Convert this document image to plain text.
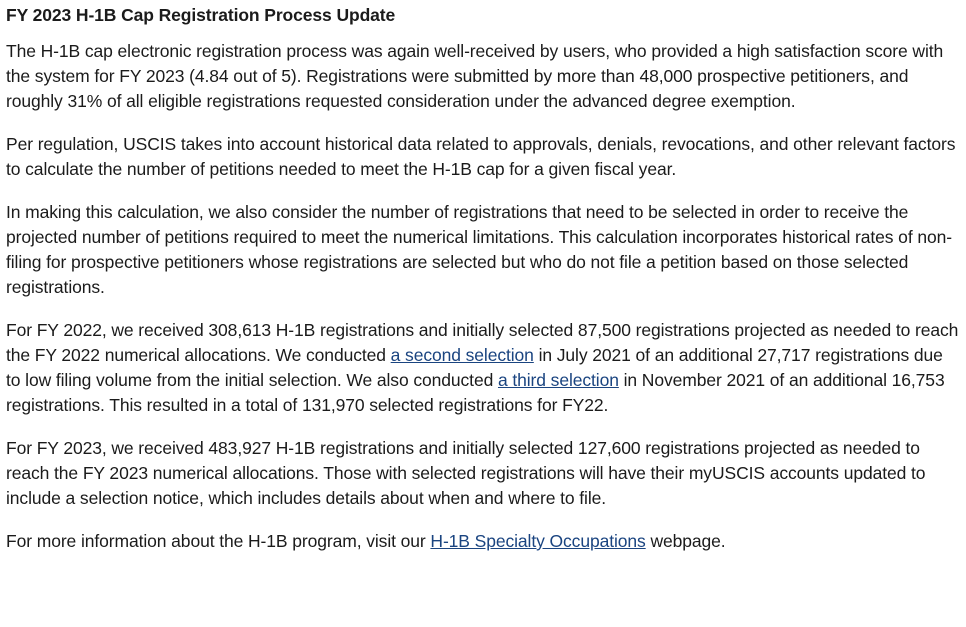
FY 2023 H-1B Cap Registration Process Update

The H-1B cap electronic registration process was again well-received by users, who provided a high satisfaction score with the system for FY 2023 (4.84 out of 5). Registrations were submitted by more than 48,000 prospective petitioners, and roughly 31% of all eligible registrations requested consideration under the advanced degree exemption.

Per regulation, USCIS takes into account historical data related to approvals, denials, revocations, and other relevant factors to calculate the number of petitions needed to meet the H-1B cap for a given fiscal year.

In making this calculation, we also consider the number of registrations that need to be selected in order to receive the projected number of petitions required to meet the numerical limitations. This calculation incorporates historical rates of non-filing for prospective petitioners whose registrations are selected but who do not file a petition based on those selected registrations.

For FY 2022, we received 308,613 H-1B registrations and initially selected 87,500 registrations projected as needed to reach the FY 2022 numerical allocations. We conducted a second selection in July 2021 of an additional 27,717 registrations due to low filing volume from the initial selection. We also conducted a third selection in November 2021 of an additional 16,753 registrations. This resulted in a total of 131,970 selected registrations for FY22.

For FY 2023, we received 483,927 H-1B registrations and initially selected 127,600 registrations projected as needed to reach the FY 2023 numerical allocations. Those with selected registrations will have their myUSCIS accounts updated to include a selection notice, which includes details about when and where to file.

For more information about the H-1B program, visit our H-1B Specialty Occupations webpage.
